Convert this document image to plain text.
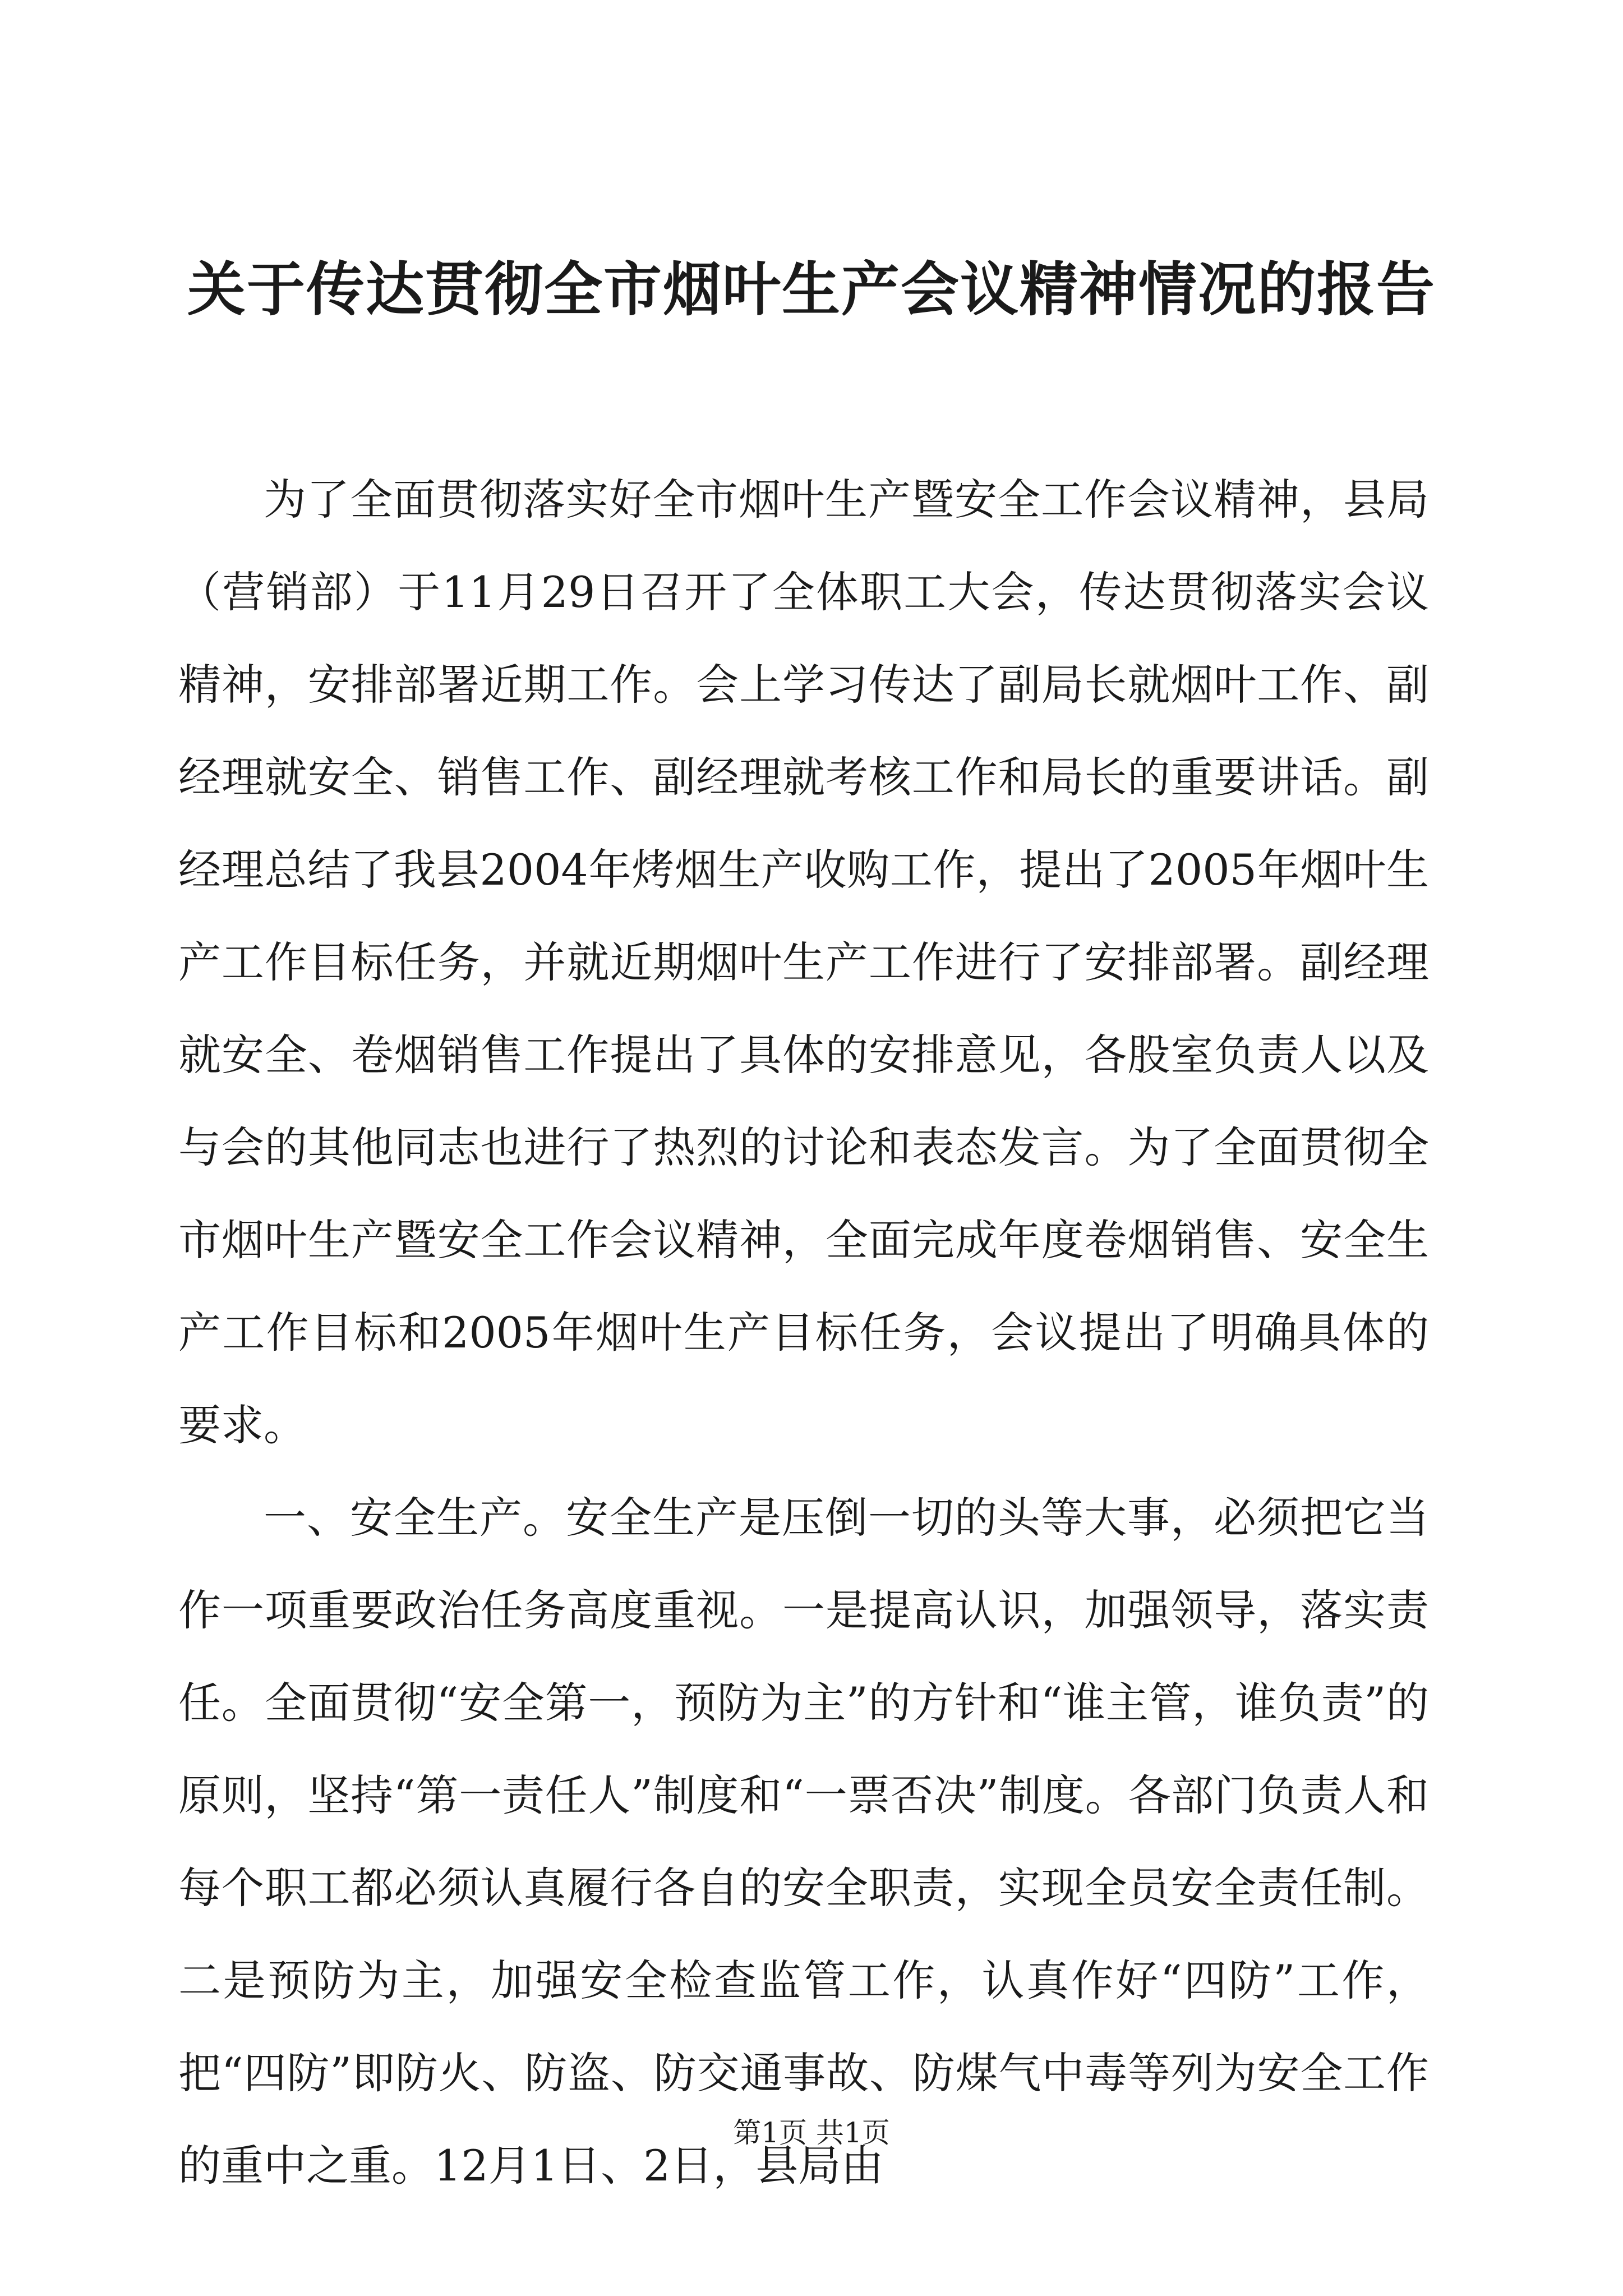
关于传达贯彻全市烟叶生产会议精神情况的报告

为了全面贯彻落实好全市烟叶生产暨安全工作会议精神，县局（营销部）于11月29日召开了全体职工大会，传达贯彻落实会议精神，安排部署近期工作。会上学习传达了副局长就烟叶工作、副经理就安全、销售工作、副经理就考核工作和局长的重要讲话。副经理总结了我县2004年烤烟生产收购工作，提出了2005年烟叶生产工作目标任务，并就近期烟叶生产工作进行了安排部署。副经理就安全、卷烟销售工作提出了具体的安排意见，各股室负责人以及与会的其他同志也进行了热烈的讨论和表态发言。为了全面贯彻全市烟叶生产暨安全工作会议精神，全面完成年度卷烟销售、安全生产工作目标和2005年烟叶生产目标任务，会议提出了明确具体的要求。

一、安全生产。安全生产是压倒一切的头等大事，必须把它当作一项重要政治任务高度重视。一是提高认识，加强领导，落实责任。全面贯彻“安全第一，预防为主”的方针和“谁主管，谁负责”的原则，坚持“第一责任人”制度和“一票否决”制度。各部门负责人和每个职工都必须认真履行各自的安全职责，实现全员安全责任制。二是预防为主，加强安全检查监管工作，认真作好“四防”工作，把“四防”即防火、防盗、防交通事故、防煤气中毒等列为安全工作的重中之重。12月1日、2日，县局由

第1页 共1页
